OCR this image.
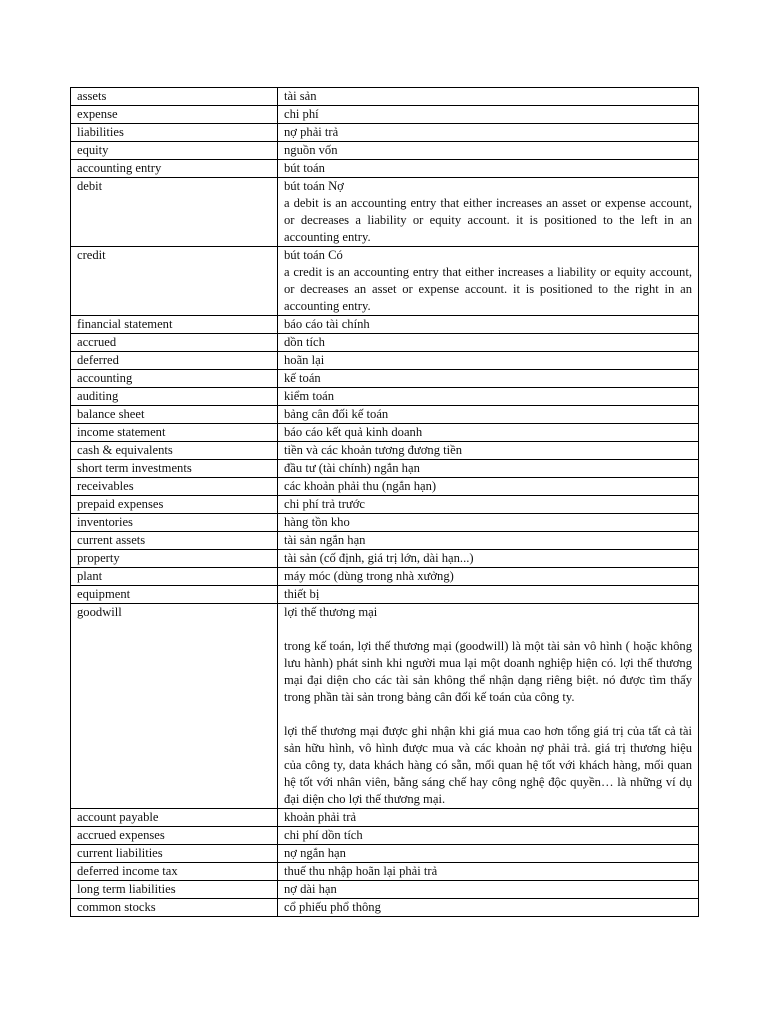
assets	tài sản

expense	chi phí

liabilities	nợ phải trả

equity	nguồn vốn

accounting entry	bút toán

debit	bút toán Nợ
a debit is an accounting entry that either increases an asset or expense account, or decreases a liability or equity account. it is positioned to the left in an accounting entry.

credit	bút toán Có
a credit is an accounting entry that either increases a liability or equity account, or decreases an asset or expense account. it is positioned to the right in an accounting entry.

financial statement	báo cáo tài chính

accrued	dồn tích

deferred	hoãn lại

accounting	kế toán

auditing	kiểm toán

balance sheet	bảng cân đối kế toán

income statement	báo cáo kết quả kinh doanh

cash & equivalents	tiền và các khoản tương đương tiền

short term investments	đầu tư (tài chính) ngắn hạn

receivables	các khoản phải thu (ngắn hạn)

prepaid expenses	chi phí trả trước

inventories	hàng tồn kho

current assets	tài sản ngắn hạn

property	tài sản (cố định, giá trị lớn, dài hạn...)

plant	máy móc (dùng trong nhà xưởng)

equipment	thiết bị

goodwill	lợi thế thương mại
trong kế toán, lợi thế thương mại (goodwill) là một tài sản vô hình ( hoặc không lưu hành) phát sinh khi người mua lại một doanh nghiệp hiện có. lợi thế thương mại đại diện cho các tài sản không thể nhận dạng riêng biệt. nó được tìm thấy trong phần tài sản trong bảng cân đối kế toán của công ty.
lợi thế thương mại được ghi nhận khi giá mua cao hơn tổng giá trị của tất cả tài sản hữu hình, vô hình được mua và các khoản nợ phải trả. giá trị thương hiệu của công ty, data khách hàng có sẵn, mối quan hệ tốt với khách hàng, mối quan hệ tốt với nhân viên, bằng sáng chế hay công nghệ độc quyền… là những ví dụ đại diện cho lợi thế thương mại.

account payable	khoản phải trả

accrued expenses	chi phí dồn tích

current liabilities	nợ ngắn hạn

deferred income tax	thuế thu nhập hoãn lại phải trả

long term liabilities	nợ dài hạn

common stocks	cổ phiếu phổ thông
